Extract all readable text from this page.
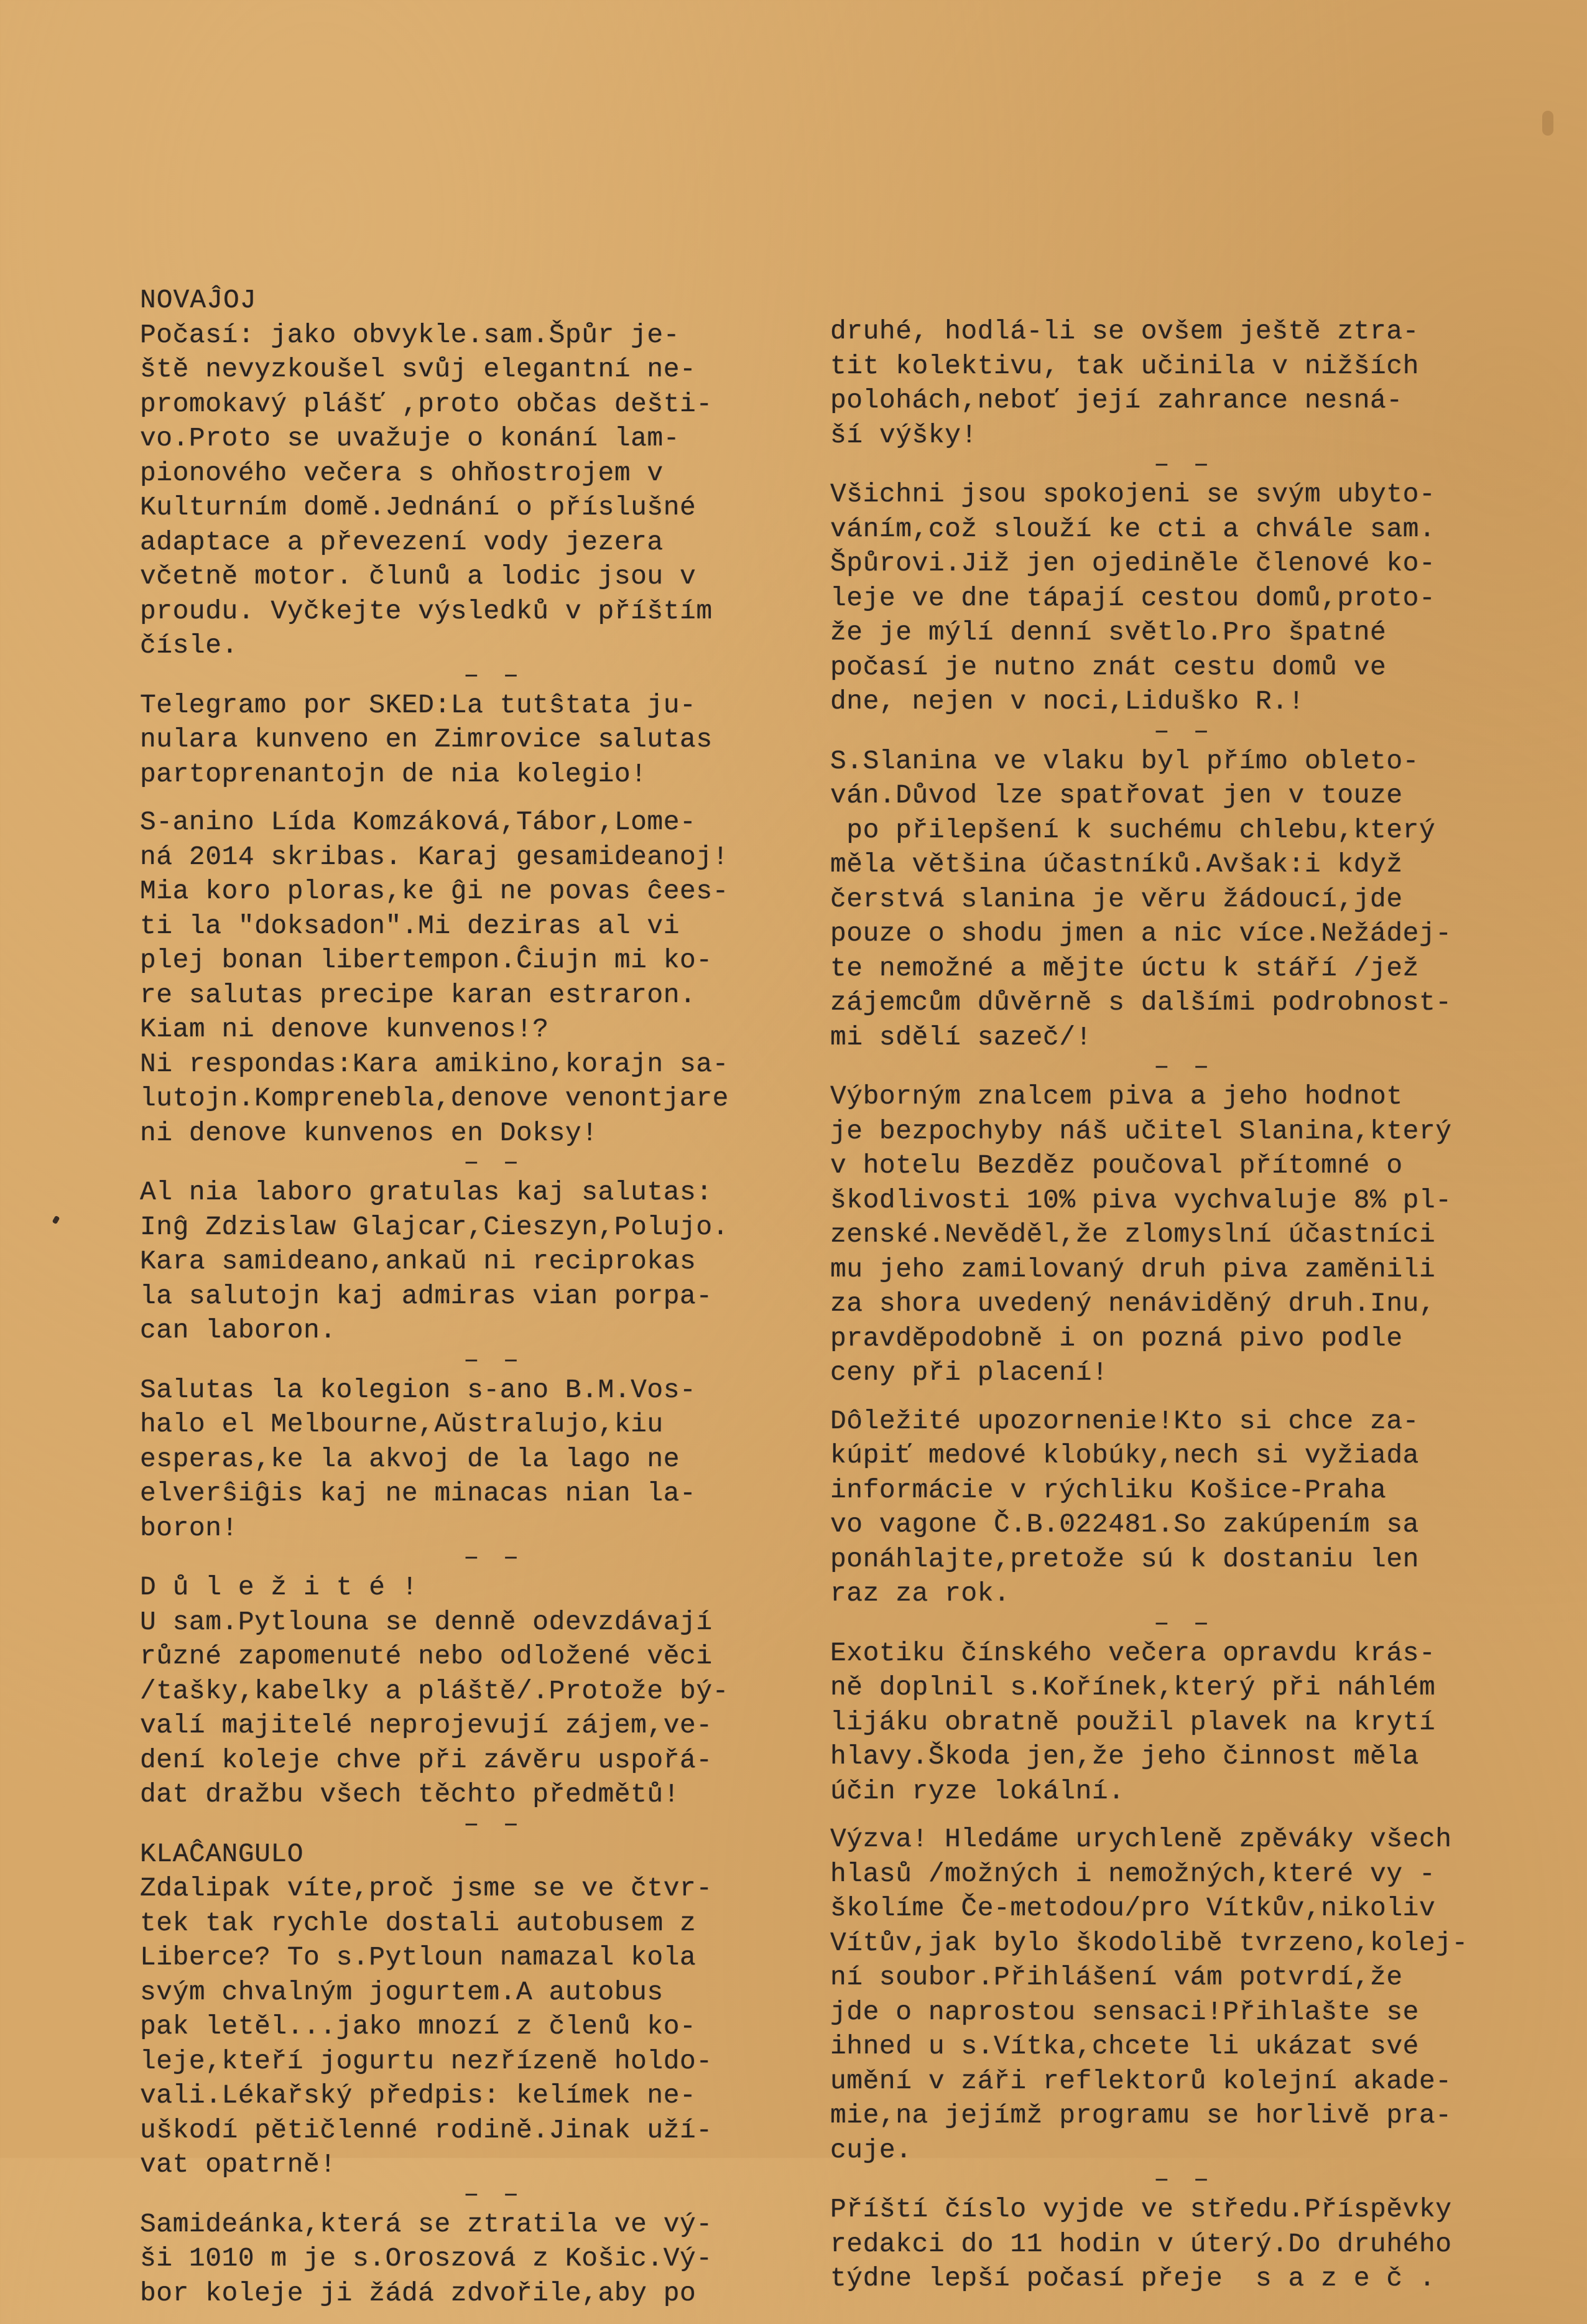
NOVAĴOJ
Počasí: jako obvykle.sam.Špůr je-
ště nevyzkoušel svůj elegantní ne-
promokavý plášť ,proto občas dešti-
vo.Proto se uvažuje o konání lam-
pionového večera s ohňostrojem v
Kulturním domě.Jednání o příslušné
adaptace a převezení vody jezera
včetně motor. člunů a lodic jsou v
proudu. Vyčkejte výsledků v příštím
čísle.
– –
Telegramo por SKED:La tutŝtata ju-
nulara kunveno en Zimrovice salutas
partoprenantojn de nia kolegio!
S-anino Lída Komzáková,Tábor,Lome-
ná 2014 skribas. Karaj gesamideanoj!
Mia koro ploras,ke ĝi ne povas ĉees-
ti la "doksadon".Mi deziras al vi
plej bonan libertempon.Ĉiujn mi ko-
re salutas precipe karan estraron.
Kiam ni denove kunvenos!?
Ni respondas:Kara amikino,korajn sa-
lutojn.Komprenebla,denove venontjare
ni denove kunvenos en Doksy!
– –
Al nia laboro gratulas kaj salutas:
Inĝ Zdzislaw Glajcar,Cieszyn,Polujo.
Kara samideano,ankaŭ ni reciprokas
la salutojn kaj admiras vian porpa-
can laboron.
– –
Salutas la kolegion s-ano B.M.Vos-
halo el Melbourne,Aŭstralujo,kiu
esperas,ke la akvoj de la lago ne
elverŝiĝis kaj ne minacas nian la-
boron!
– –
D ů l e ž i t é !
U sam.Pytlouna se denně odevzdávají
různé zapomenuté nebo odložené věci
/tašky,kabelky a pláště/.Protože bý-
valí majitelé neprojevují zájem,ve-
dení koleje chve při závěru uspořá-
dat dražbu všech těchto předmětů!
– –
KLAĈANGULO
Zdalipak víte,proč jsme se ve čtvr-
tek tak rychle dostali autobusem z
Liberce? To s.Pytloun namazal kola
svým chvalným jogurtem.A autobus
pak letěl...jako mnozí z členů ko-
leje,kteří jogurtu nezřízeně holdo-
vali.Lékařský předpis: kelímek ne-
uškodí pětičlenné rodině.Jinak uží-
vat opatrně!
– –
Samideánka,která se ztratila ve vý-
ši 1010 m je s.Oroszová z Košic.Vý-
bor koleje ji žádá zdvořile,aby po
druhé, hodlá-li se ovšem ještě ztra-
tit kolektivu, tak učinila v nižších
polohách,neboť její zahrance nesná-
ší výšky!
– –
Všichni jsou spokojeni se svým ubyto-
váním,což slouží ke cti a chvále sam.
Špůrovi.Již jen ojediněle členové ko-
leje ve dne tápají cestou domů,proto-
že je mýlí denní světlo.Pro špatné
počasí je nutno znát cestu domů ve
dne, nejen v noci,Liduško R.!
– –
S.Slanina ve vlaku byl přímo obleto-
ván.Důvod lze spatřovat jen v touze
po přilepšení k suchému chlebu,který
měla většina účastníků.Avšak:i když
čerstvá slanina je věru žádoucí,jde
pouze o shodu jmen a nic více.Nežádej-
te nemožné a mějte úctu k stáří /jež
zájemcům důvěrně s dalšími podrobnost-
mi sdělí sazeč/!
– –
Výborným znalcem piva a jeho hodnot
je bezpochyby náš učitel Slanina,který
v hotelu Bezděz poučoval přítomné o
škodlivosti 10% piva vychvaluje 8% pl-
zenské.Nevěděl,že zlomyslní účastníci
mu jeho zamilovaný druh piva zaměnili
za shora uvedený nenáviděný druh.Inu,
pravděpodobně i on pozná pivo podle
ceny při placení!
Dôležité upozornenie!Kto si chce za-
kúpiť medové klobúky,nech si vyžiada
informácie v rýchliku Košice-Praha
vo vagone Č.B.022481.So zakúpením sa
ponáhlajte,pretože sú k dostaniu len
raz za rok.
– –
Exotiku čínského večera opravdu krás-
ně doplnil s.Kořínek,který při náhlém
lijáku obratně použil plavek na krytí
hlavy.Škoda jen,že jeho činnost měla
účin ryze lokální.
Výzva! Hledáme urychleně zpěváky všech
hlasů /možných i nemožných,které vy -
školíme Če-metodou/pro Vítkův,nikoliv
Vítův,jak bylo škodolibě tvrzeno,kolej-
ní soubor.Přihlášení vám potvrdí,že
jde o naprostou sensaci!Přihlašte se
ihned u s.Vítka,chcete li ukázat své
umění v záři reflektorů kolejní akade-
mie,na jejímž programu se horlivě pra-
cuje.
– –
Příští číslo vyjde ve středu.Příspěvky
redakci do 11 hodin v úterý.Do druhého
týdne lepší počasí přeje  s a z e č .
